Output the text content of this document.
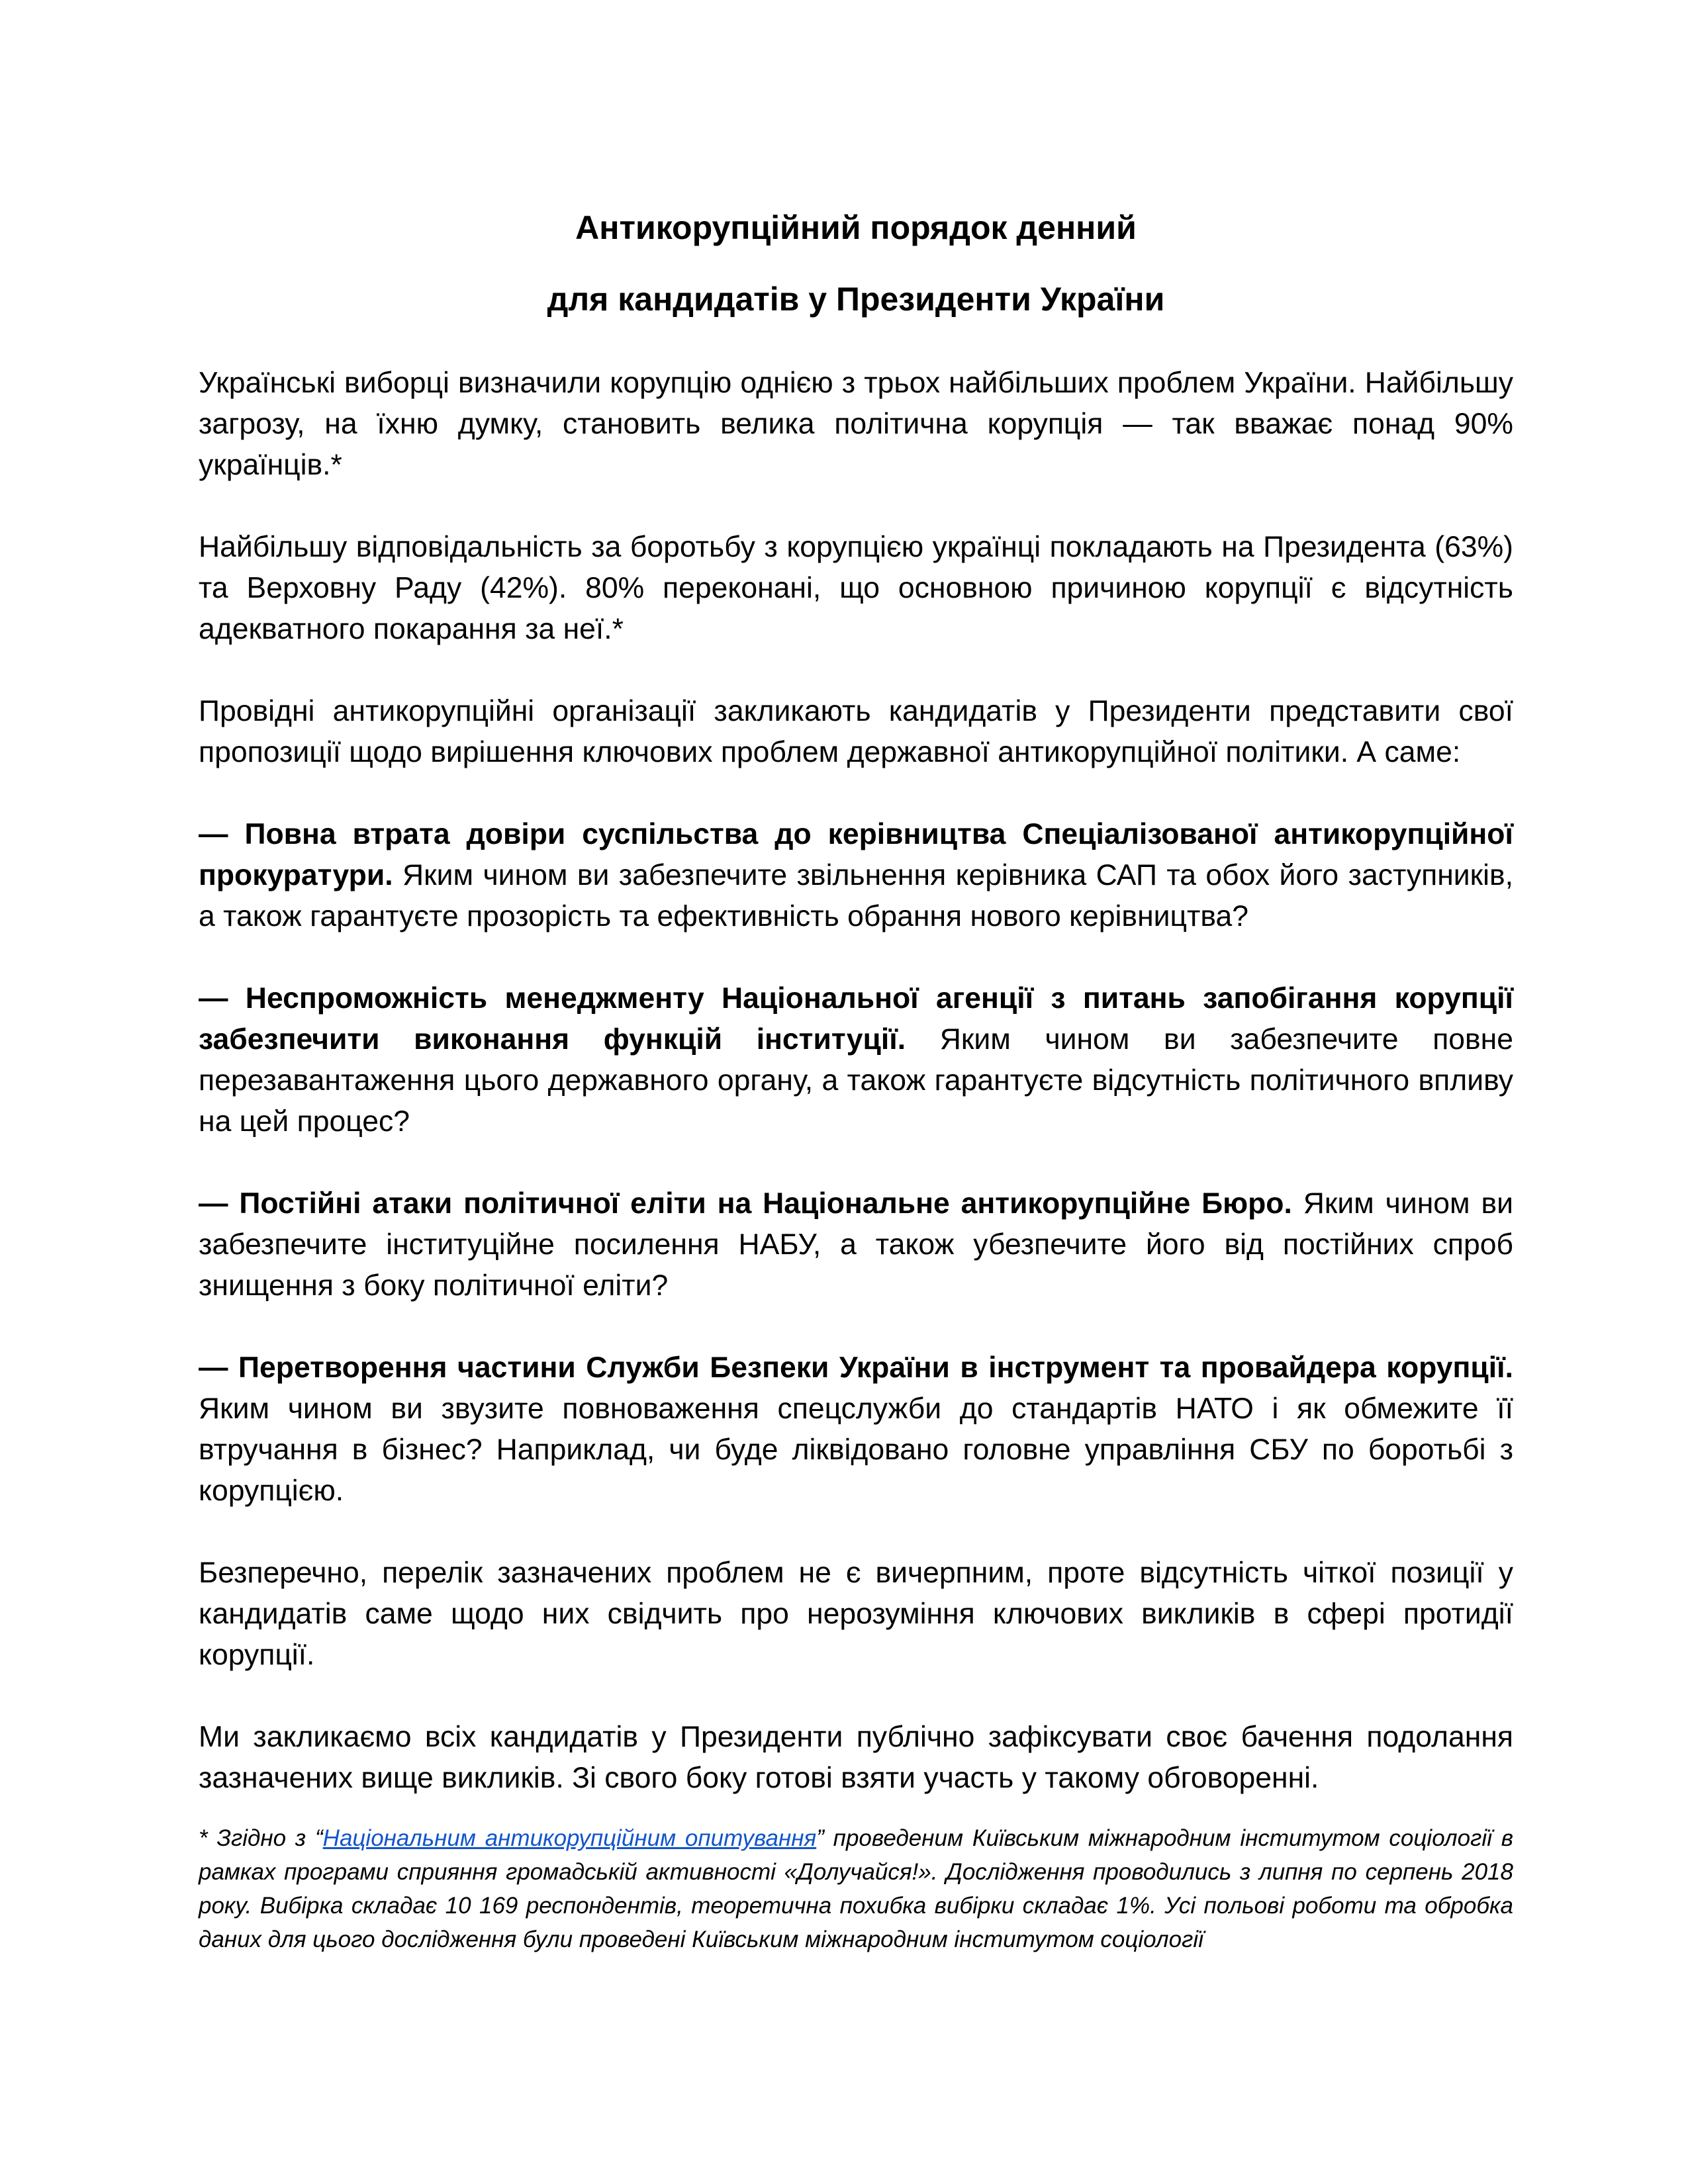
Антикорупційний порядок денний
для кандидатів у Президенти України

Українські виборці визначили корупцію однією з трьох найбільших проблем України. Найбільшу загрозу, на їхню думку, становить велика політична корупція — так вважає понад 90% українців.*

Найбільшу відповідальність за боротьбу з корупцією українці покладають на Президента (63%) та Верховну Раду (42%). 80% переконані, що основною причиною корупції є відсутність адекватного покарання за неї.*

Провідні антикорупційні організації закликають кандидатів у Президенти представити свої пропозиції щодо вирішення ключових проблем державної антикорупційної політики. А саме:

— Повна втрата довіри суспільства до керівництва Спеціалізованої антикорупційної прокуратури. Яким чином ви забезпечите звільнення керівника САП та обох його заступників, а також гарантуєте прозорість та ефективність обрання нового керівництва?

— Неспроможність менеджменту Національної агенції з питань запобігання корупції забезпечити виконання функцій інституції. Яким чином ви забезпечите повне перезавантаження цього державного органу, а також гарантуєте відсутність політичного впливу на цей процес?

— Постійні атаки політичної еліти на Національне антикорупційне Бюро. Яким чином ви забезпечите інституційне посилення НАБУ, а також убезпечите його від постійних спроб знищення з боку політичної еліти?

— Перетворення частини Служби Безпеки України в інструмент та провайдера корупції. Яким чином ви звузите повноваження спецслужби до стандартів НАТО і як обмежите її втручання в бізнес? Наприклад, чи буде ліквідовано головне управління СБУ по боротьбі з корупцією.

Безперечно, перелік зазначених проблем не є вичерпним, проте відсутність чіткої позиції у кандидатів саме щодо них свідчить про нерозуміння ключових викликів в сфері протидії корупції.

Ми закликаємо всіх кандидатів у Президенти публічно зафіксувати своє бачення подолання зазначених вище викликів. Зі свого боку готові взяти участь у такому обговоренні.

* Згідно з “Національним антикорупційним опитування” проведеним Київським міжнародним інститутом соціології в рамках програми сприяння громадській активності «Долучайся!». Дослідження проводились з липня по серпень 2018 року. Вибірка складає 10 169 респондентів, теоретична похибка вибірки складає 1%. Усі польові роботи та обробка даних для цього дослідження були проведені Київським міжнародним інститутом соціології
